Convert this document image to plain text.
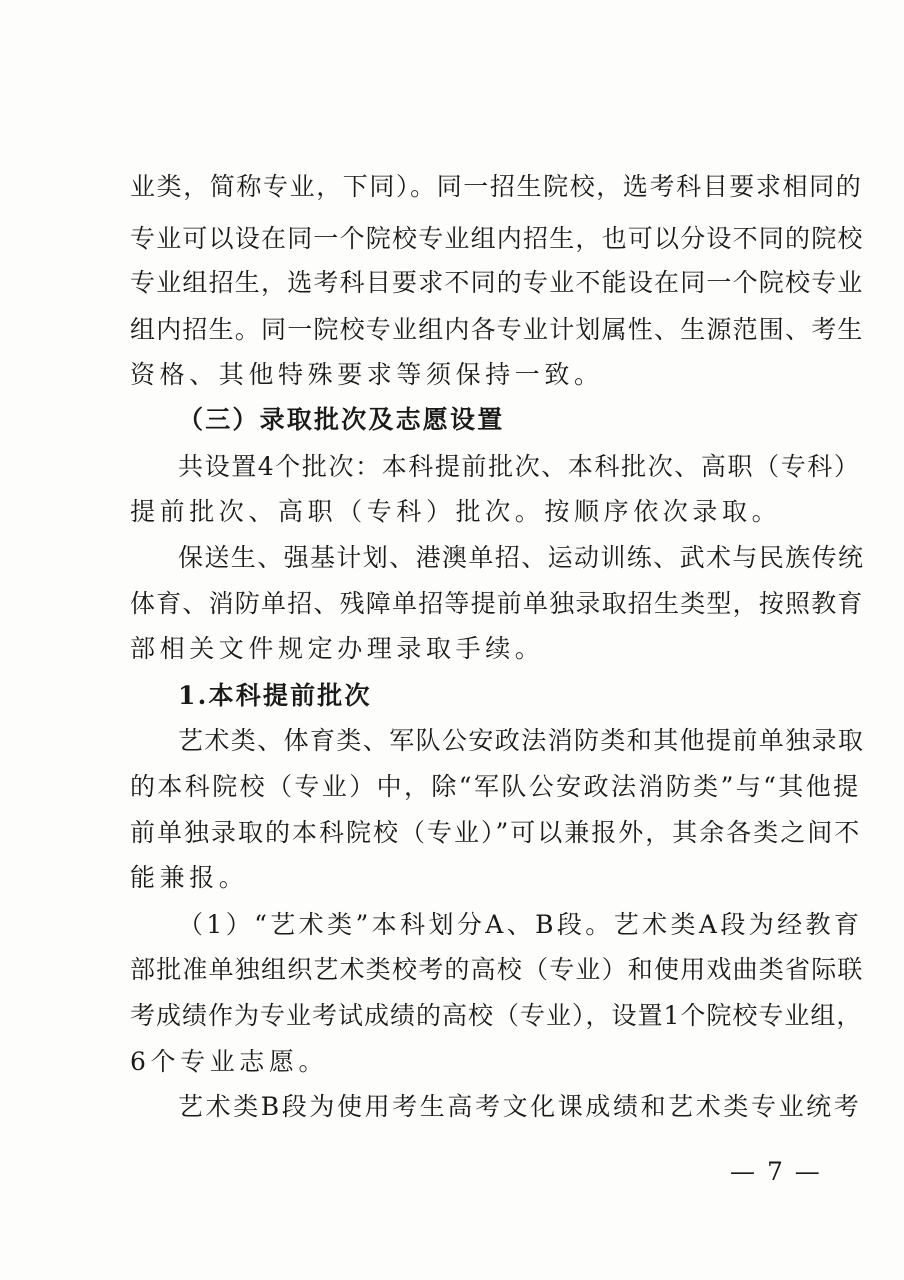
业类，简称专业，下同）。同一招生院校，选考科目要求相同的

专业可以设在同一个院校专业组内招生，也可以分设不同的院校

专业组招生，选考科目要求不同的专业不能设在同一个院校专业

组内招生。同一院校专业组内各专业计划属性、生源范围、考生

资格、其他特殊要求等须保持一致。

（三）录取批次及志愿设置

共设置4个批次：本科提前批次、本科批次、高职（专科）

提前批次、高职（专科）批次。按顺序依次录取。

保送生、强基计划、港澳单招、运动训练、武术与民族传统

体育、消防单招、残障单招等提前单独录取招生类型，按照教育

部相关文件规定办理录取手续。

1.本科提前批次

艺术类、体育类、军队公安政法消防类和其他提前单独录取

的本科院校（专业）中，除“军队公安政法消防类”与“其他提

前单独录取的本科院校（专业）”可以兼报外，其余各类之间不

能兼报。

（1）“艺术类”本科划分A、B段。艺术类A段为经教育

部批准单独组织艺术类校考的高校（专业）和使用戏曲类省际联

考成绩作为专业考试成绩的高校（专业），设置1个院校专业组，

6个专业志愿。

艺术类B段为使用考生高考文化课成绩和艺术类专业统考

— 7 —
